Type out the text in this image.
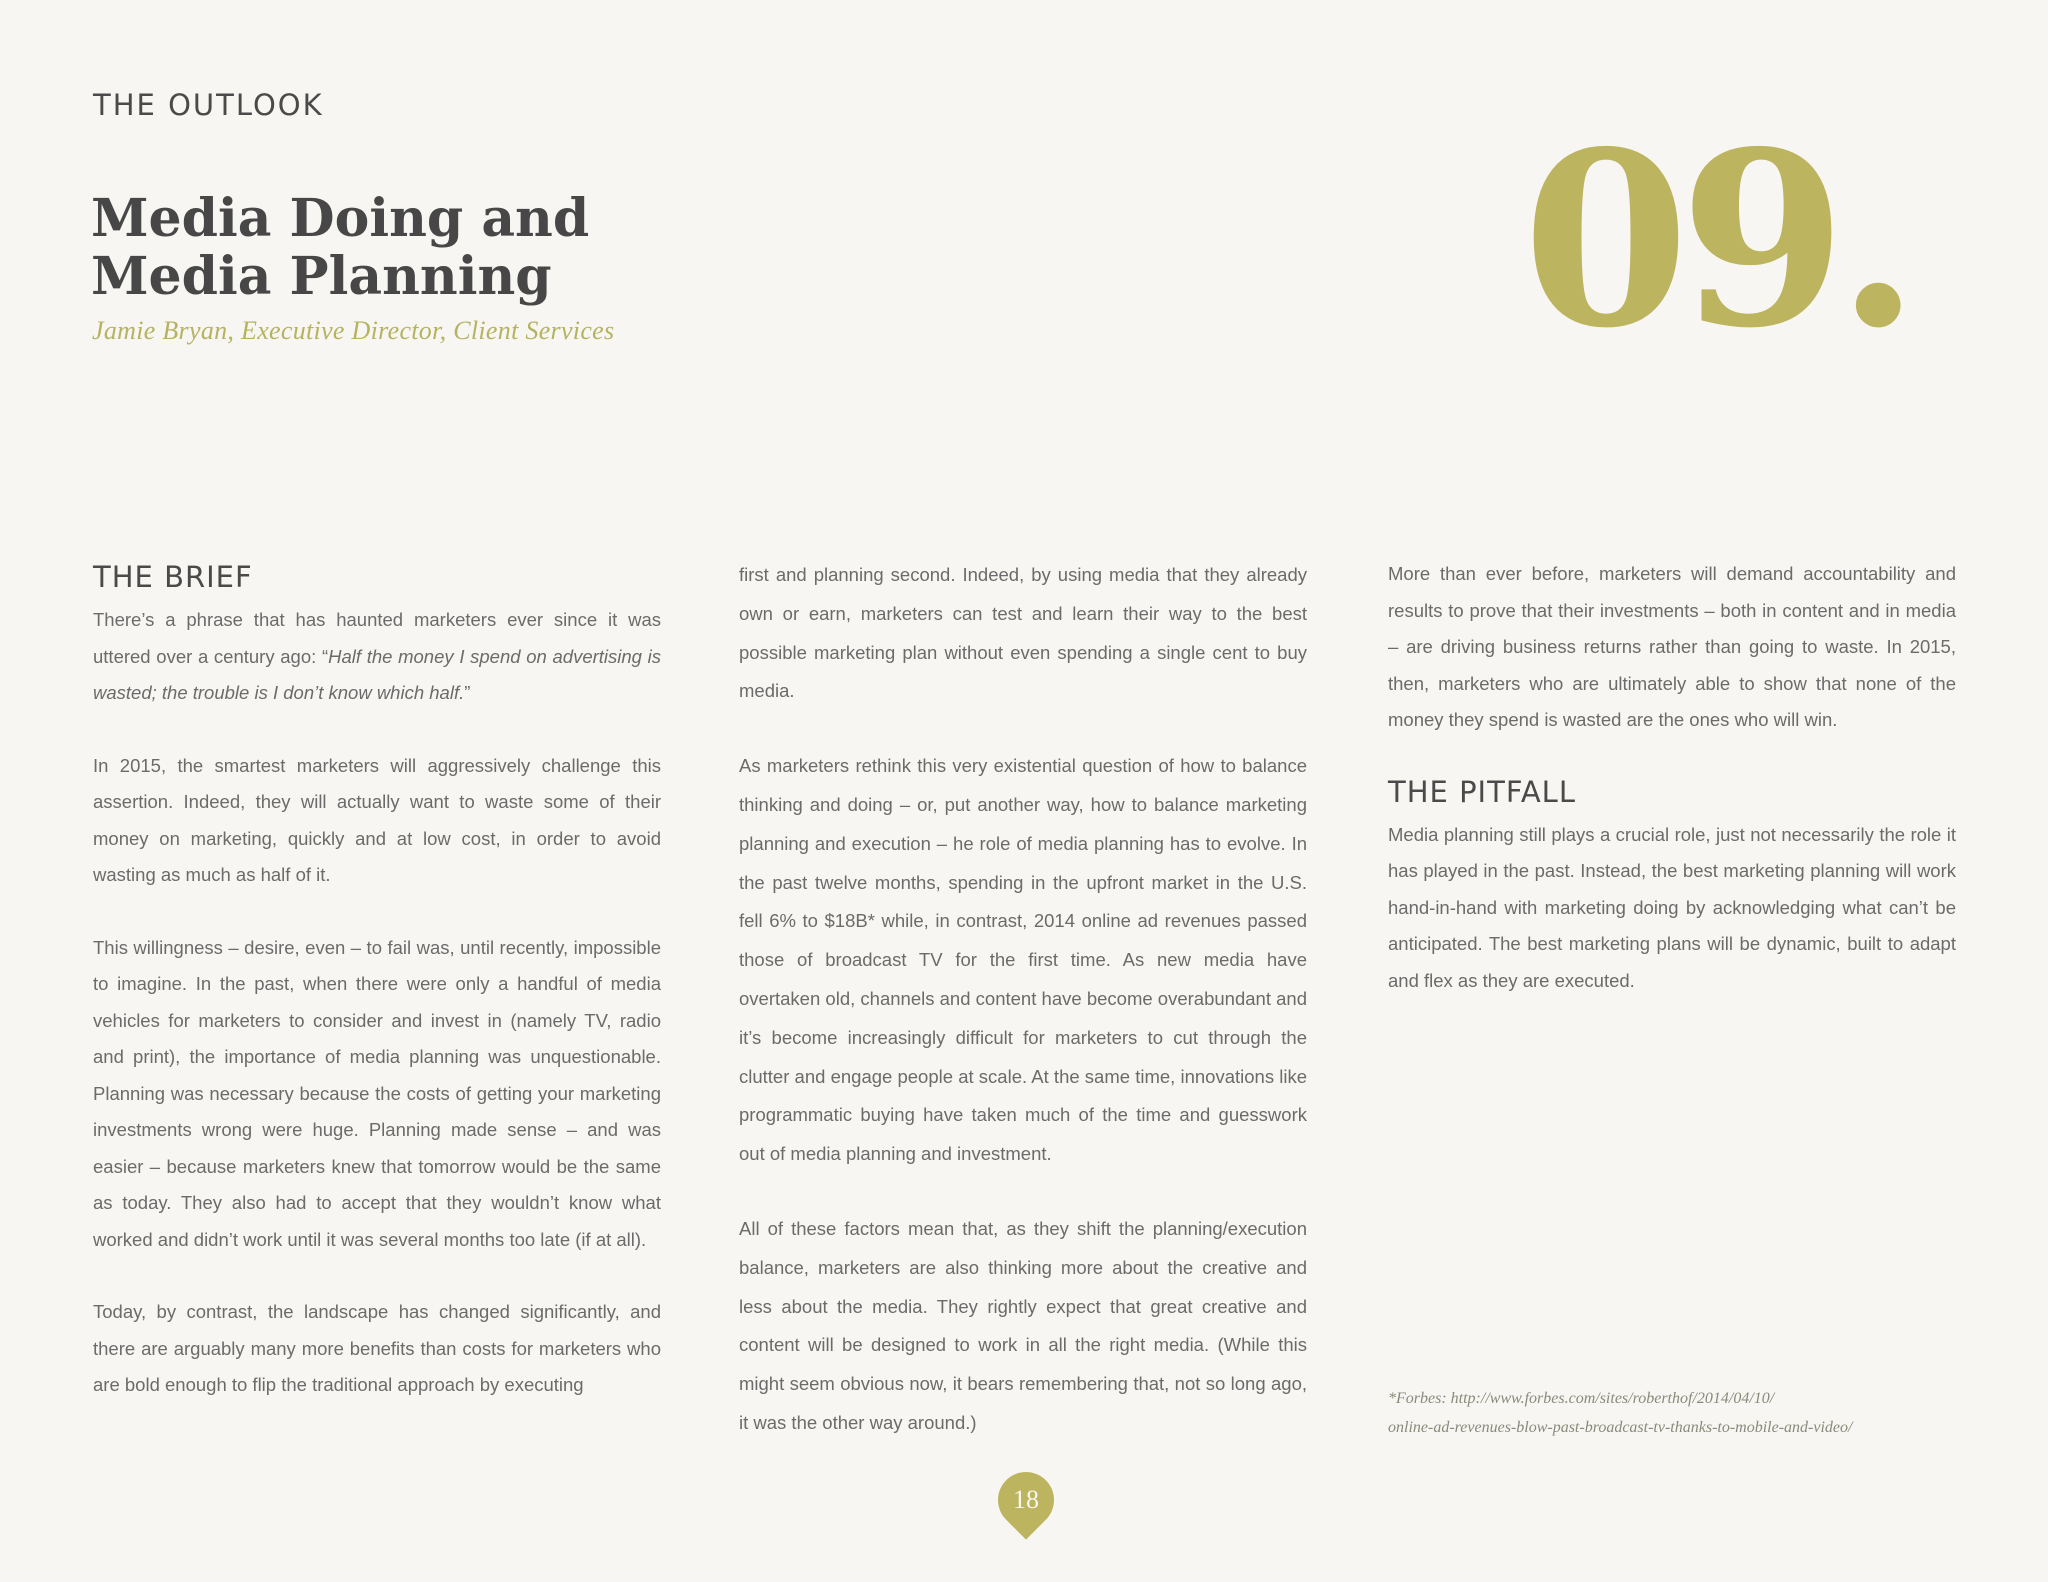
THE OUTLOOK
Media Doing and
Media Planning
Jamie Bryan, Executive Director, Client Services	09.
THE BRIEF

There’s a phrase that has haunted marketers ever since it was uttered over a century ago: “Half the money I spend on advertising is wasted; the trouble is I don’t know which half.”

In 2015, the smartest marketers will aggressively challenge this assertion. Indeed, they will actually want to waste some of their money on marketing, quickly and at low cost, in order to avoid wasting as much as half of it.

This willingness – desire, even – to fail was, until recently, impossible to imagine. In the past, when there were only a handful of media vehicles for marketers to consider and invest in (namely TV, radio and print), the importance of media planning was unquestionable. Planning was necessary because the costs of getting your marketing investments wrong were huge. Planning made sense – and was easier – because marketers knew that tomorrow would be the same as today. They also had to accept that they wouldn’t know what worked and didn’t work until it was several months too late (if at all).

Today, by contrast, the landscape has changed significantly, and there are arguably many more benefits than costs for marketers who are bold enough to flip the traditional approach by executing

first and planning second. Indeed, by using media that they already own or earn, marketers can test and learn their way to the best possible marketing plan without even spending a single cent to buy media.

As marketers rethink this very existential question of how to balance thinking and doing – or, put another way, how to balance marketing planning and execution – he role of media planning has to evolve. In the past twelve months, spending in the upfront market in the U.S. fell 6% to $18B* while, in contrast, 2014 online ad revenues passed those of broadcast TV for the first time. As new media have overtaken old, channels and content have become overabundant and it’s become increasingly difficult for marketers to cut through the clutter and engage people at scale. At the same time, innovations like programmatic buying have taken much of the time and guesswork out of media planning and investment.

All of these factors mean that, as they shift the planning/execution balance, marketers are also thinking more about the creative and less about the media. They rightly expect that great creative and content will be designed to work in all the right media. (While this might seem obvious now, it bears remembering that, not so long ago, it was the other way around.)

More than ever before, marketers will demand accountability and results to prove that their investments – both in content and in media – are driving business returns rather than going to waste. In 2015, then, marketers who are ultimately able to show that none of the money they spend is wasted are the ones who will win.

THE PITFALL

Media planning still plays a crucial role, just not necessarily the role it has played in the past. Instead, the best marketing planning will work hand-in-hand with marketing doing by acknowledging what can’t be anticipated. The best marketing plans will be dynamic, built to adapt and flex as they are executed.

*Forbes: http://www.forbes.com/sites/roberthof/2014/04/10/
online-ad-revenues-blow-past-broadcast-tv-thanks-to-mobile-and-video/
18
